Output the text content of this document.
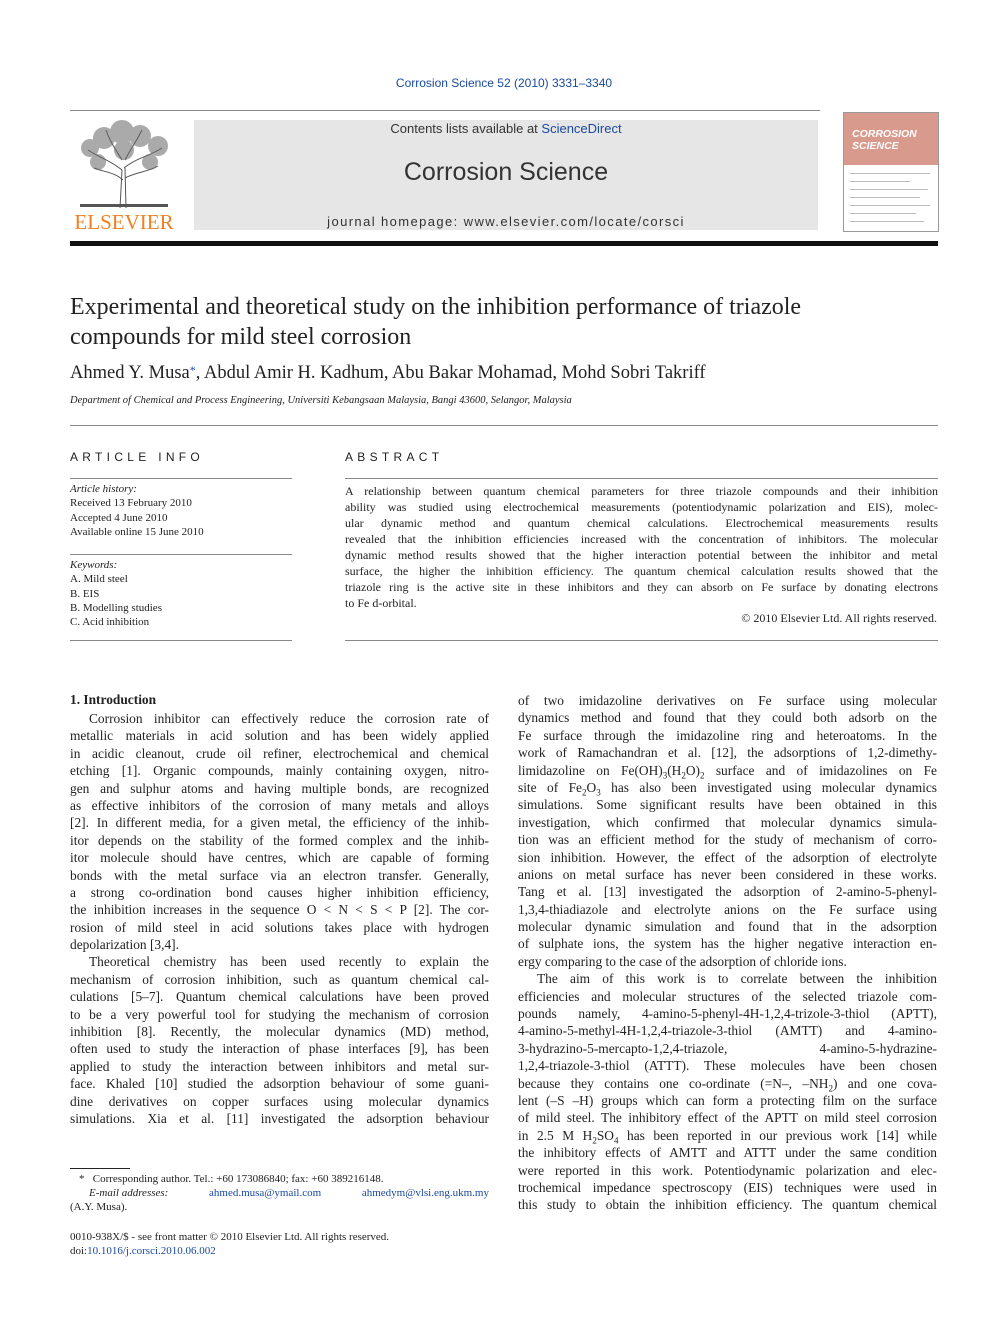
Corrosion Science 52 (2010) 3331–3340
ELSEVIER
Contents lists available at ScienceDirect
Corrosion Science
journal homepage: www.elsevier.com/locate/corsci
CORROSION
SCIENCE
Experimental and theoretical study on the inhibition performance of triazole
compounds for mild steel corrosion
Ahmed Y. Musa*, Abdul Amir H. Kadhum, Abu Bakar Mohamad, Mohd Sobri Takriff
Department of Chemical and Process Engineering, Universiti Kebangsaan Malaysia, Bangi 43600, Selangor, Malaysia
ARTICLE INFO	ABSTRACT
Article history:
Received 13 February 2010
Accepted 4 June 2010
Available online 15 June 2010
Keywords:
A. Mild steel
B. EIS
B. Modelling studies
C. Acid inhibition
A relationship between quantum chemical parameters for three triazole compounds and their inhibition
ability was studied using electrochemical measurements (potentiodynamic polarization and EIS), molec-
ular dynamic method and quantum chemical calculations. Electrochemical measurements results
revealed that the inhibition efficiencies increased with the concentration of inhibitors. The molecular
dynamic method results showed that the higher interaction potential between the inhibitor and metal
surface, the higher the inhibition efficiency. The quantum chemical calculation results showed that the
triazole ring is the active site in these inhibitors and they can absorb on Fe surface by donating electrons
to Fe d-orbital.
© 2010 Elsevier Ltd. All rights reserved.
1. Introduction
Corrosion inhibitor can effectively reduce the corrosion rate of
metallic materials in acid solution and has been widely applied
in acidic cleanout, crude oil refiner, electrochemical and chemical
etching [1]. Organic compounds, mainly containing oxygen, nitro-
gen and sulphur atoms and having multiple bonds, are recognized
as effective inhibitors of the corrosion of many metals and alloys
[2]. In different media, for a given metal, the efficiency of the inhib-
itor depends on the stability of the formed complex and the inhib-
itor molecule should have centres, which are capable of forming
bonds with the metal surface via an electron transfer. Generally,
a strong co-ordination bond causes higher inhibition efficiency,
the inhibition increases in the sequence O < N < S < P [2]. The cor-
rosion of mild steel in acid solutions takes place with hydrogen
depolarization [3,4].
Theoretical chemistry has been used recently to explain the
mechanism of corrosion inhibition, such as quantum chemical cal-
culations [5–7]. Quantum chemical calculations have been proved
to be a very powerful tool for studying the mechanism of corrosion
inhibition [8]. Recently, the molecular dynamics (MD) method,
often used to study the interaction of phase interfaces [9], has been
applied to study the interaction between inhibitors and metal sur-
face. Khaled [10] studied the adsorption behaviour of some guani-
dine derivatives on copper surfaces using molecular dynamics
simulations. Xia et al. [11] investigated the adsorption behaviour
of two imidazoline derivatives on Fe surface using molecular
dynamics method and found that they could both adsorb on the
Fe surface through the imidazoline ring and heteroatoms. In the
work of Ramachandran et al. [12], the adsorptions of 1,2-dimethy-
limidazoline on $Fe(OH)_3(H_2O)_2$ surface and of imidazolines on Fe
site of $Fe_2O_3$ has also been investigated using molecular dynamics
simulations. Some significant results have been obtained in this
investigation, which confirmed that molecular dynamics simula-
tion was an efficient method for the study of mechanism of corro-
sion inhibition. However, the effect of the adsorption of electrolyte
anions on metal surface has never been considered in these works.
Tang et al. [13] investigated the adsorption of 2-amino-5-phenyl-
1,3,4-thiadiazole and electrolyte anions on the Fe surface using
molecular dynamic simulation and found that in the adsorption
of sulphate ions, the system has the higher negative interaction en-
ergy comparing to the case of the adsorption of chloride ions.
The aim of this work is to correlate between the inhibition
efficiencies and molecular structures of the selected triazole com-
pounds namely, 4-amino-5-phenyl-4H-1,2,4-trizole-3-thiol (APTT),
4-amino-5-methyl-4H-1,2,4-triazole-3-thiol (AMTT) and 4-amino-
3-hydrazino-5-mercapto-1,2,4-triazole, 4-amino-5-hydrazine-
1,2,4-triazole-3-thiol (ATTT). These molecules have been chosen
because they contains one co-ordinate (=N–, $-NH_2$) and one cova-
lent (–S –H) groups which can form a protecting film on the surface
of mild steel. The inhibitory effect of the APTT on mild steel corrosion
in 2.5 M $H_2SO_4$ has been reported in our previous work [14] while
the inhibitory effects of AMTT and ATTT under the same condition
were reported in this work. Potentiodynamic polarization and elec-
trochemical impedance spectroscopy (EIS) techniques were used in
this study to obtain the inhibition efficiency. The quantum chemical
* Corresponding author. Tel.: +60 173086840; fax: +60 389216148.
E-mail addresses:	ahmed.musa@ymail.com	ahmedym@vlsi.eng.ukm.my
(A.Y. Musa).
0010-938X/$ - see front matter © 2010 Elsevier Ltd. All rights reserved.
doi:10.1016/j.corsci.2010.06.002
